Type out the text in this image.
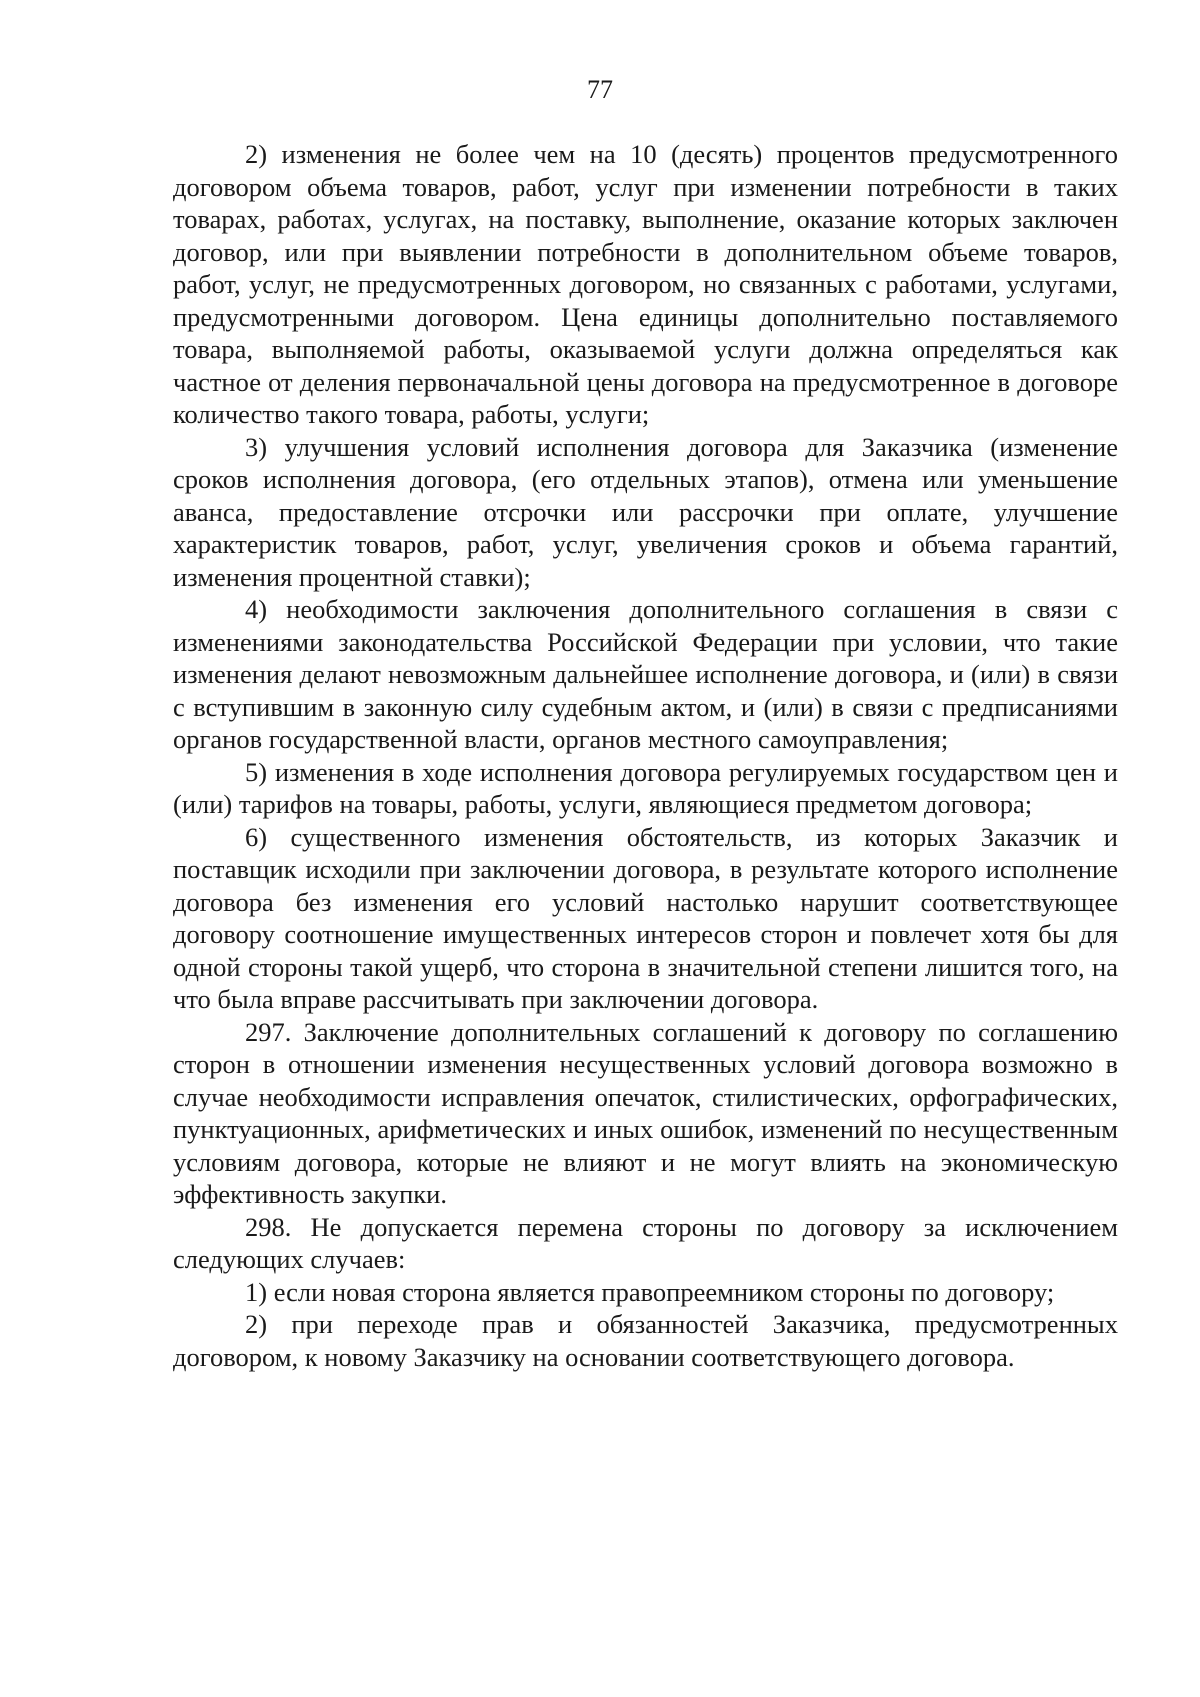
77

2) изменения не более чем на 10 (десять) процентов предусмотренного договором объема товаров, работ, услуг при изменении потребности в таких товарах, работах, услугах, на поставку, выполнение, оказание которых заключен договор, или при выявлении потребности в дополнительном объеме товаров, работ, услуг, не предусмотренных договором, но связанных с работами, услугами, предусмотренными договором. Цена единицы дополнительно поставляемого товара, выполняемой работы, оказываемой услуги должна определяться как частное от деления первоначальной цены договора на предусмотренное в договоре количество такого товара, работы, услуги;

3) улучшения условий исполнения договора для Заказчика (изменение сроков исполнения договора, (его отдельных этапов), отмена или уменьшение аванса, предоставление отсрочки или рассрочки при оплате, улучшение характеристик товаров, работ, услуг, увеличения сроков и объема гарантий, изменения процентной ставки);

4) необходимости заключения дополнительного соглашения в связи с изменениями законодательства Российской Федерации при условии, что такие изменения делают невозможным дальнейшее исполнение договора, и (или) в связи с вступившим в законную силу судебным актом, и (или) в связи с предписаниями органов государственной власти, органов местного самоуправления;

5) изменения в ходе исполнения договора регулируемых государством цен и (или) тарифов на товары, работы, услуги, являющиеся предметом договора;

6) существенного изменения обстоятельств, из которых Заказчик и поставщик исходили при заключении договора, в результате которого исполнение договора без изменения его условий настолько нарушит соответствующее договору соотношение имущественных интересов сторон и повлечет хотя бы для одной стороны такой ущерб, что сторона в значительной степени лишится того, на что была вправе рассчитывать при заключении договора.

297. Заключение дополнительных соглашений к договору по соглашению сторон в отношении изменения несущественных условий договора возможно в случае необходимости исправления опечаток, стилистических, орфографических, пунктуационных, арифметических и иных ошибок, изменений по несущественным условиям договора, которые не влияют и не могут влиять на экономическую эффективность закупки.

298. Не допускается перемена стороны по договору за исключением следующих случаев:

1) если новая сторона является правопреемником стороны по договору;

2) при переходе прав и обязанностей Заказчика, предусмотренных договором, к новому Заказчику на основании соответствующего договора.
